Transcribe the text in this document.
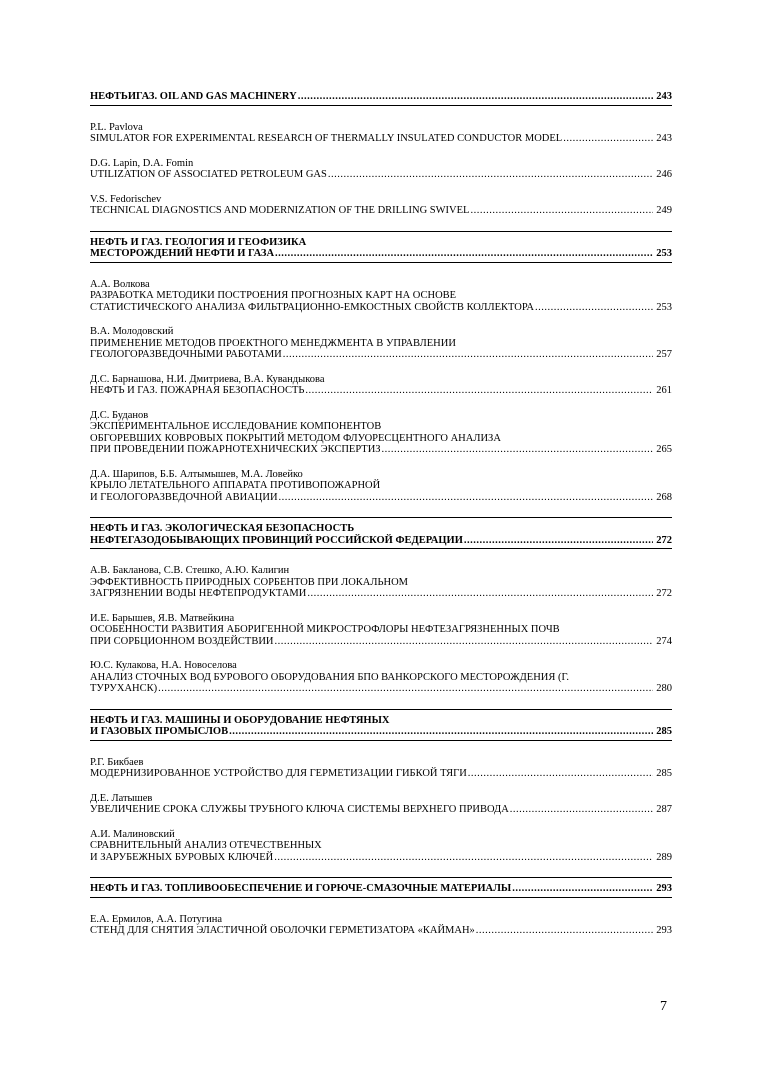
НЕФТЬИГАЗ. OIL AND GAS MACHINERY .....	243
P.L. Pavlova
SIMULATOR FOR EXPERIMENTAL RESEARCH OF THERMALLY INSULATED CONDUCTOR MODEL .....	243
D.G. Lapin, D.A. Fomin
UTILIZATION OF ASSOCIATED PETROLEUM GAS .....	246
V.S. Fedorischev
TECHNICAL DIAGNOSTICS AND MODERNIZATION OF THE DRILLING SWIVEL .....	249
НЕФТЬ И ГАЗ. ГЕОЛОГИЯ И ГЕОФИЗИКА
МЕСТОРОЖДЕНИЙ НЕФТИ И ГАЗА .....	253
А.А. Волкова
РАЗРАБОТКА МЕТОДИКИ ПОСТРОЕНИЯ ПРОГНОЗНЫХ КАРТ НА ОСНОВЕ
СТАТИСТИЧЕСКОГО АНАЛИЗА ФИЛЬТРАЦИОННО-ЕМКОСТНЫХ СВОЙСТВ КОЛЛЕКТОРА .....	253
В.А. Молодовский
ПРИМЕНЕНИЕ МЕТОДОВ ПРОЕКТНОГО МЕНЕДЖМЕНТА В УПРАВЛЕНИИ
ГЕОЛОГОРАЗВЕДОЧНЫМИ РАБОТАМИ .....	257
Д.С. Барнашова, Н.И. Дмитриева, В.А. Кувандыкова
НЕФТЬ И ГАЗ. ПОЖАРНАЯ БЕЗОПАСНОСТЬ .....	261
Д.С. Буданов
ЭКСПЕРИМЕНТАЛЬНОЕ ИССЛЕДОВАНИЕ КОМПОНЕНТОВ
ОБГОРЕВШИХ КОВРОВЫХ ПОКРЫТИЙ МЕТОДОМ ФЛУОРЕСЦЕНТНОГО АНАЛИЗА
ПРИ ПРОВЕДЕНИИ ПОЖАРНОТЕХНИЧЕСКИХ ЭКСПЕРТИЗ .....	265
Д.А. Шарипов, Б.Б. Алтымышев, М.А. Ловейко
КРЫЛО ЛЕТАТЕЛЬНОГО АППАРАТА ПРОТИВОПОЖАРНОЙ
И ГЕОЛОГОРАЗВЕДОЧНОЙ АВИАЦИИ .....	268
НЕФТЬ И ГАЗ. ЭКОЛОГИЧЕСКАЯ БЕЗОПАСНОСТЬ
НЕФТЕГАЗОДОБЫВАЮЩИХ ПРОВИНЦИЙ РОССИЙСКОЙ ФЕДЕРАЦИИ .....	272
А.В. Бакланова, С.В. Стешко, А.Ю. Калигин
ЭФФЕКТИВНОСТЬ ПРИРОДНЫХ СОРБЕНТОВ ПРИ ЛОКАЛЬНОМ
ЗАГРЯЗНЕНИИ ВОДЫ НЕФТЕПРОДУКТАМИ .....	272
И.Е. Барышев, Я.В. Матвейкина
ОСОБЕННОСТИ РАЗВИТИЯ АБОРИГЕННОЙ МИКРОСТРОФЛОРЫ НЕФТЕЗАГРЯЗНЕННЫХ ПОЧВ
ПРИ СОРБЦИОННОМ ВОЗДЕЙСТВИИ .....	274
Ю.С. Кулакова, Н.А. Новоселова
АНАЛИЗ СТОЧНЫХ ВОД БУРОВОГО ОБОРУДОВАНИЯ БПО ВАНКОРСКОГО МЕСТОРОЖДЕНИЯ (Г.
ТУРУХАНСК) .....	280
НЕФТЬ И ГАЗ. МАШИНЫ И ОБОРУДОВАНИЕ НЕФТЯНЫХ
И ГАЗОВЫХ ПРОМЫСЛОВ .....	285
Р.Г. Бикбаев
МОДЕРНИЗИРОВАННОЕ УСТРОЙСТВО ДЛЯ ГЕРМЕТИЗАЦИИ ГИБКОЙ ТЯГИ .....	285
Д.Е. Латышев
УВЕЛИЧЕНИЕ СРОКА СЛУЖБЫ ТРУБНОГО КЛЮЧА СИСТЕМЫ ВЕРХНЕГО ПРИВОДА .....	287
А.И. Малиновский
СРАВНИТЕЛЬНЫЙ АНАЛИЗ ОТЕЧЕСТВЕННЫХ
И ЗАРУБЕЖНЫХ БУРОВЫХ КЛЮЧЕЙ .....	289
НЕФТЬ И ГАЗ. ТОПЛИВООБЕСПЕЧЕНИЕ И ГОРЮЧЕ-СМАЗОЧНЫЕ МАТЕРИАЛЫ .....	293
Е.А. Ермилов, А.А. Потугина
СТЕНД ДЛЯ СНЯТИЯ ЭЛАСТИЧНОЙ ОБОЛОЧКИ ГЕРМЕТИЗАТОРА «КАЙМАН» .....	293
7
